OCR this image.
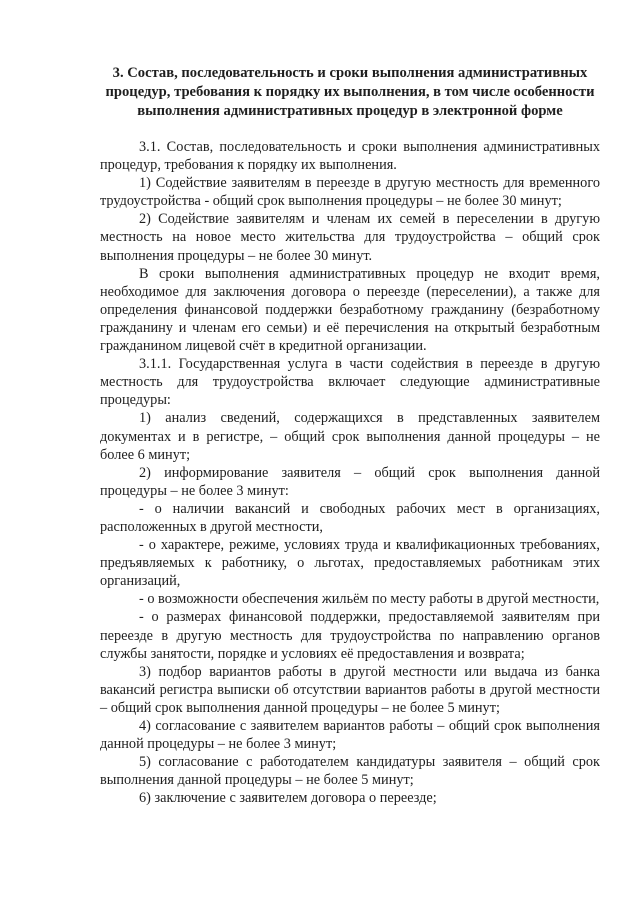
3. Состав, последовательность и сроки выполнения административных процедур, требования к порядку их выполнения, в том числе особенности выполнения административных процедур в электронной форме

3.1. Состав, последовательность и сроки выполнения административных процедур, требования к порядку их выполнения.

1) Содействие заявителям в переезде в другую местность для временного трудоустройства - общий срок выполнения процедуры – не более 30 минут;

2) Содействие заявителям и членам их семей в переселении в другую местность на новое место жительства для трудоустройства – общий срок выполнения процедуры – не более 30 минут.

В сроки выполнения административных процедур не входит время, необходимое для заключения договора о переезде (переселении), а также для определения финансовой поддержки безработному гражданину (безработному гражданину и членам его семьи) и её перечисления на открытый безработным гражданином лицевой счёт в кредитной организации.

3.1.1. Государственная услуга в части содействия в переезде в другую местность для трудоустройства включает следующие административные процедуры:

1) анализ сведений, содержащихся в представленных заявителем документах и в регистре, – общий срок выполнения данной процедуры – не более 6 минут;

2) информирование заявителя – общий срок выполнения данной процедуры – не более 3 минут:

- о наличии вакансий и свободных рабочих мест в организациях, расположенных в другой местности,

- о характере, режиме, условиях труда и квалификационных требованиях, предъявляемых к работнику, о льготах, предоставляемых работникам этих организаций,

- о возможности обеспечения жильём по месту работы в другой местности,

- о размерах финансовой поддержки, предоставляемой заявителям при переезде в другую местность для трудоустройства по направлению органов службы занятости, порядке и условиях её предоставления и возврата;

3) подбор вариантов работы в другой местности или выдача из банка вакансий регистра выписки об отсутствии вариантов работы в другой местности – общий срок выполнения данной процедуры – не более 5 минут;

4) согласование с заявителем вариантов работы – общий срок выполнения данной процедуры – не более 3 минут;

5) согласование с работодателем кандидатуры заявителя – общий срок выполнения данной процедуры – не более 5 минут;

6) заключение с заявителем договора о переезде;
